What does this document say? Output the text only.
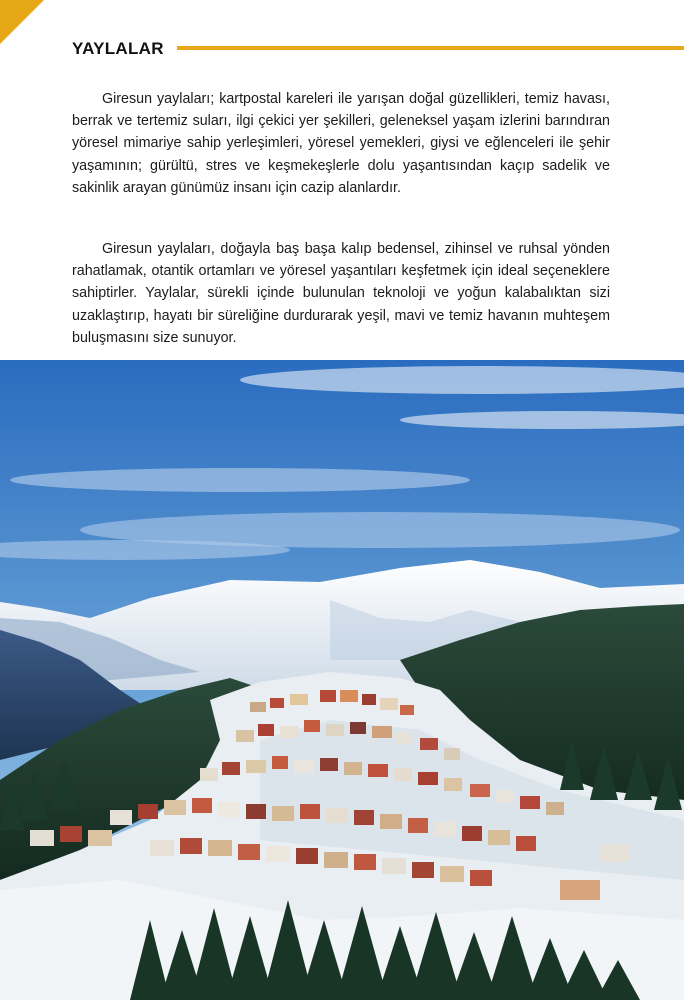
YAYLALAR

Giresun yaylaları; kartpostal kareleri ile yarışan doğal güzellikleri, temiz havası, berrak ve tertemiz suları, ilgi çekici yer şekilleri, geleneksel yaşam izlerini barındıran yöresel mimariye sahip yerleşimleri, yöresel yemekleri, giysi ve eğlenceleri ile şehir yaşamının; gürültü, stres ve keşmekeşlerle dolu yaşantısından kaçıp sadelik ve sakinlik arayan günümüz insanı için cazip alanlardır.

Giresun yaylaları, doğayla baş başa kalıp bedensel, zihinsel ve ruhsal yönden rahatlamak, otantik ortamları ve yöresel yaşantıları keşfetmek için ideal seçeneklere sahiptirler. Yaylalar, sürekli içinde bulunulan teknoloji ve yoğun kalabalıktan sizi uzaklaştırıp, hayatı bir süreliğine durdurarak yeşil, mavi ve temiz havanın muhteşem buluşmasını size sunuyor.
